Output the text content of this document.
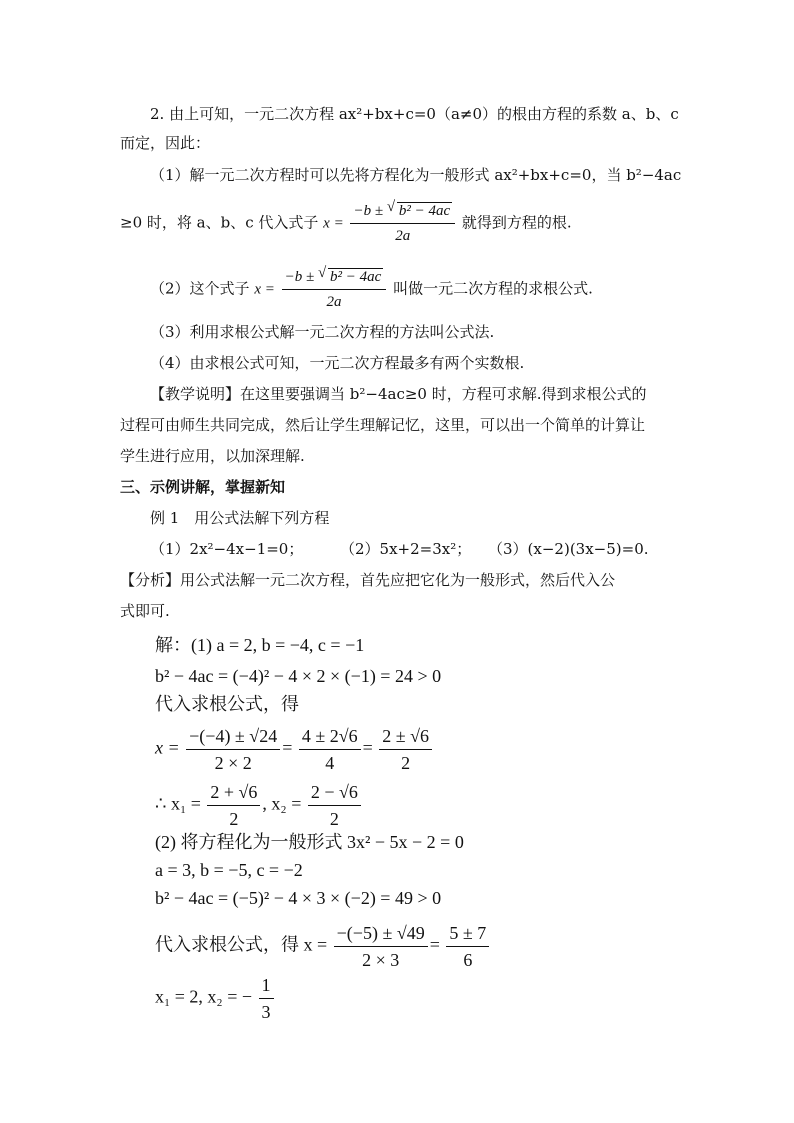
2. 由上可知，一元二次方程 ax²+bx+c=0（a≠0）的根由方程的系数 a、b、c
而定，因此：
（1）解一元二次方程时可以先将方程化为一般形式 ax²+bx+c=0，当 b²−4ac
≥0 时，将 a、b、c 代入式子 $x = \frac{\text{−b ± √ b² − 4ac}}{2a}$ 就得到方程的根.
（2）这个式子 $x = \frac{\text{−b ± √ b² − 4ac}}{2a}$ 叫做一元二次方程的求根公式.
（3）利用求根公式解一元二次方程的方法叫公式法.
（4）由求根公式可知，一元二次方程最多有两个实数根.
【教学说明】在这里要强调当 b²−4ac≥0 时，方程可求解.得到求根公式的
过程可由师生共同完成，然后让学生理解记忆，这里，可以出一个简单的计算让
学生进行应用，以加深理解.
三、示例讲解，掌握新知
例 1　用公式法解下列方程
（1）2x²−4x−1=0； （2）5x+2=3x²； （3）(x−2)(3x−5)=0.
【分析】用公式法解一元二次方程，首先应把它化为一般形式，然后代入公
式即可.
解：(1) a = 2, b = −4, c = −1
b² − 4ac = (−4)² − 4 × 2 × (−1) = 24 > 0
代入求根公式，得
$x = \frac{-(-4) \pm √24}{2 \times 2} = \frac{4 \pm 2√6}{4} = \frac{2 \pm √6}{2}$
∴ $x_1 = \frac{2 + √6}{2}$ , $x_2 = \frac{2 - √6}{2}$
(2) 将方程化为一般形式 3x² − 5x − 2 = 0
a = 3, b = −5, c = −2
b² − 4ac = (−5)² − 4 × 3 × (−2) = 49 > 0
代入求根公式，得 $x = \frac{-(-5) \pm √49}{2 \times 3} = \frac{5 \pm 7}{6}$
x₁ = 2, x₂ = − $\frac{1}{3}$
